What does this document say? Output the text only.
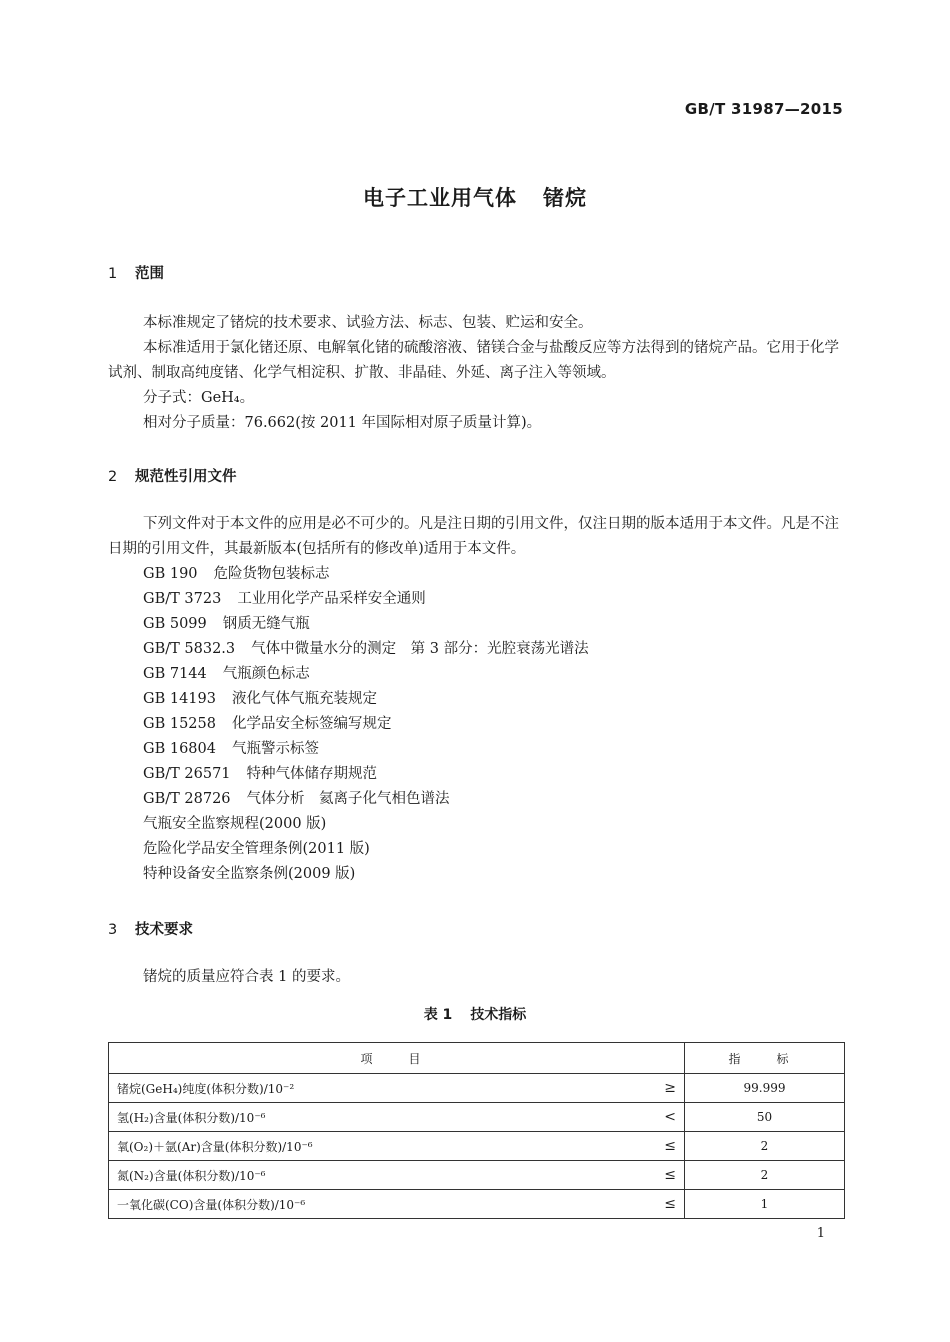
GB/T 31987—2015
电子工业用气体 锗烷
1 范围
本标准规定了锗烷的技术要求、试验方法、标志、包装、贮运和安全。
本标准适用于氯化锗还原、电解氧化锗的硫酸溶液、锗镁合金与盐酸反应等方法得到的锗烷产品。它用于化学试剂、制取高纯度锗、化学气相淀积、扩散、非晶硅、外延、离子注入等领域。
分子式：GeH₄。
相对分子质量：76.662(按 2011 年国际相对原子质量计算)。
2 规范性引用文件
下列文件对于本文件的应用是必不可少的。凡是注日期的引用文件，仅注日期的版本适用于本文件。凡是不注日期的引用文件，其最新版本(包括所有的修改单)适用于本文件。
GB 190 危险货物包装标志
GB/T 3723 工业用化学产品采样安全通则
GB 5099 钢质无缝气瓶
GB/T 5832.3 气体中微量水分的测定　第 3 部分：光腔衰荡光谱法
GB 7144 气瓶颜色标志
GB 14193 液化气体气瓶充装规定
GB 15258 化学品安全标签编写规定
GB 16804 气瓶警示标签
GB/T 26571 特种气体储存期规范
GB/T 28726 气体分析　氦离子化气相色谱法
气瓶安全监察规程(2000 版)
危险化学品安全管理条例(2011 版)
特种设备安全监察条例(2009 版)
3 技术要求
锗烷的质量应符合表 1 的要求。
表 1 技术指标
项　目		指　标
锗烷(GeH₄)纯度(体积分数)/10⁻²	≥	99.999
氢(H₂)含量(体积分数)/10⁻⁶	<	50
氧(O₂)＋氩(Ar)含量(体积分数)/10⁻⁶	≤	2
氮(N₂)含量(体积分数)/10⁻⁶	≤	2
一氧化碳(CO)含量(体积分数)/10⁻⁶	≤	1
1
